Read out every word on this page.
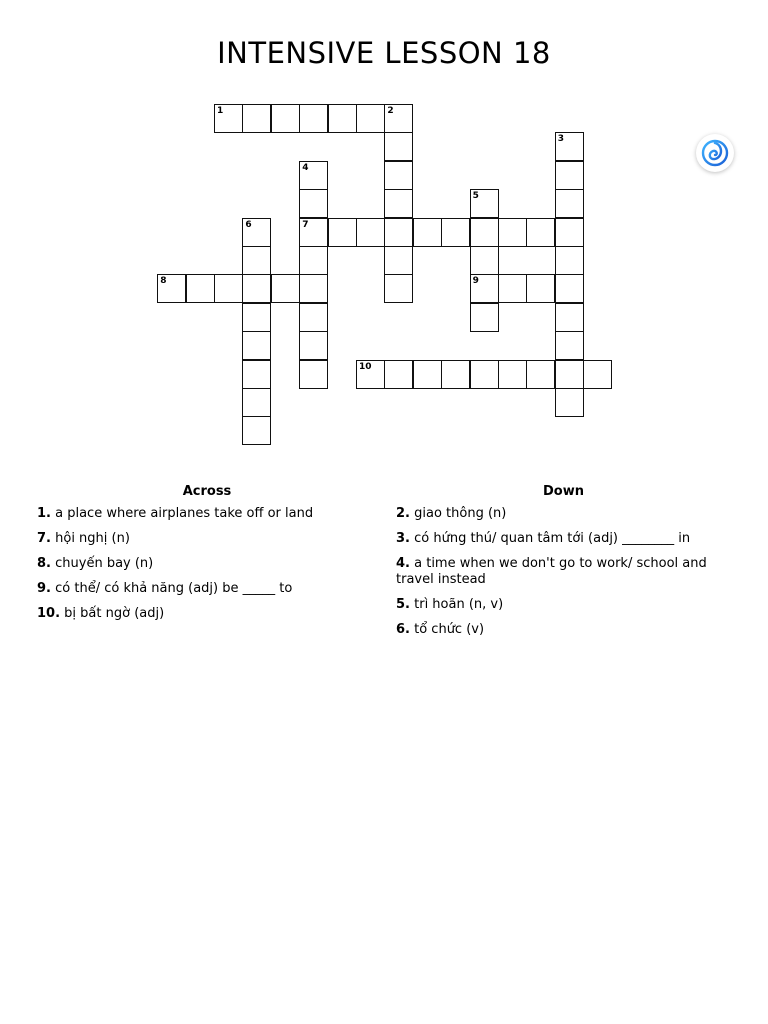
INTENSIVE LESSON 18
1	2
3
4
7
5
9
6
8
10
Across
1. a place where airplanes take off or land
7. hội nghị (n)
8. chuyến bay (n)
9. có thể/ có khả năng (adj) be _____ to
10. bị bất ngờ (adj)
Down
2. giao thông (n)
3. có hứng thú/ quan tâm tới (adj) ________ in
4. a time when we don't go to work/ school and travel instead
5. trì hoãn (n, v)
6. tổ chức (v)
